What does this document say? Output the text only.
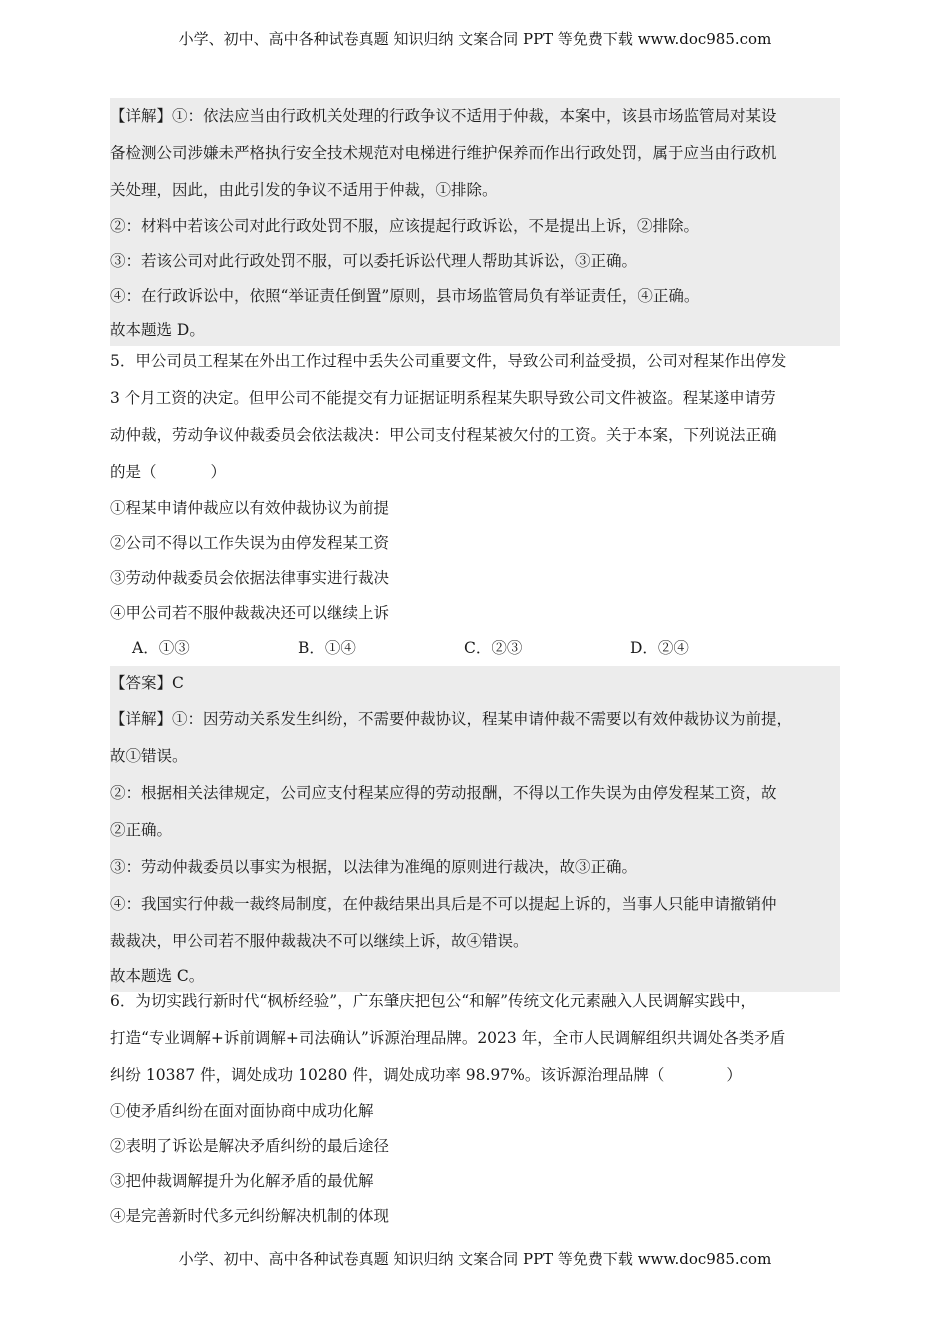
小学、初中、高中各种试卷真题 知识归纳 文案合同 PPT 等免费下载 www.doc985.com
【详解】①：依法应当由行政机关处理的行政争议不适用于仲裁，本案中，该县市场监管局对某设
备检测公司涉嫌未严格执行安全技术规范对电梯进行维护保养而作出行政处罚，属于应当由行政机
关处理，因此，由此引发的争议不适用于仲裁，①排除。
②：材料中若该公司对此行政处罚不服，应该提起行政诉讼，不是提出上诉，②排除。
③：若该公司对此行政处罚不服，可以委托诉讼代理人帮助其诉讼，③正确。
④：在行政诉讼中，依照“举证责任倒置”原则，县市场监管局负有举证责任，④正确。
故本题选 D。
5．甲公司员工程某在外出工作过程中丢失公司重要文件，导致公司利益受损，公司对程某作出停发
3 个月工资的决定。但甲公司不能提交有力证据证明系程某失职导致公司文件被盗。程某遂申请劳
动仲裁，劳动争议仲裁委员会依法裁决：甲公司支付程某被欠付的工资。关于本案，下列说法正确
的是（	）
①程某申请仲裁应以有效仲裁协议为前提
②公司不得以工作失误为由停发程某工资
③劳动仲裁委员会依据法律事实进行裁决
④甲公司若不服仲裁裁决还可以继续上诉
A．①③	B．①④	C．②③	D．②④
【答案】C
【详解】①：因劳动关系发生纠纷，不需要仲裁协议，程某申请仲裁不需要以有效仲裁协议为前提，
故①错误。
②：根据相关法律规定，公司应支付程某应得的劳动报酬，不得以工作失误为由停发程某工资，故
②正确。
③：劳动仲裁委员以事实为根据，以法律为准绳的原则进行裁决，故③正确。
④：我国实行仲裁一裁终局制度，在仲裁结果出具后是不可以提起上诉的，当事人只能申请撤销仲
裁裁决，甲公司若不服仲裁裁决不可以继续上诉，故④错误。
故本题选 C。
6．为切实践行新时代“枫桥经验”，广东肇庆把包公“和解”传统文化元素融入人民调解实践中，
打造“专业调解+诉前调解+司法确认”诉源治理品牌。2023 年，全市人民调解组织共调处各类矛盾
纠纷 10387 件，调处成功 10280 件，调处成功率 98.97%。该诉源治理品牌（	）
①使矛盾纠纷在面对面协商中成功化解
②表明了诉讼是解决矛盾纠纷的最后途径
③把仲裁调解提升为化解矛盾的最优解
④是完善新时代多元纠纷解决机制的体现
小学、初中、高中各种试卷真题 知识归纳 文案合同 PPT 等免费下载 www.doc985.com
